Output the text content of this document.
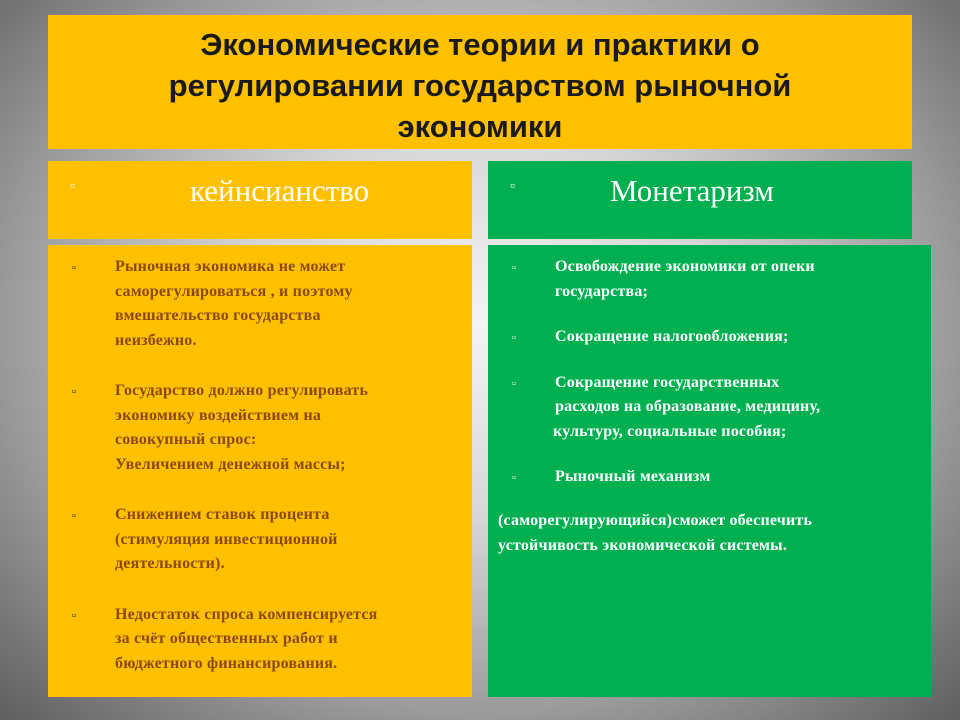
Экономические теории и практики о
регулировании государством рыночной
экономики
▫	кейнсианство	▫	Монетаризм
▫ Рыночная экономика не может
саморегулироваться , и поэтому
вмешательство государства
неизбежно.
▫ Государство должно регулировать
экономику воздействием на
совокупный спрос:
Увеличением денежной массы;
▫ Снижением ставок процента
(стимуляция инвестиционной
деятельности).
▫ Недостаток спроса компенсируется
за счёт общественных работ и
бюджетного финансирования.
▫ Освобождение экономики от опеки
государства;
▫ Сокращение налогообложения;
▫ Сокращение государственных
расходов на образование, медицину,
культуру, социальные пособия;
▫ Рыночный механизм
(саморегулирующийся)сможет обеспечить
устойчивость экономической системы.
